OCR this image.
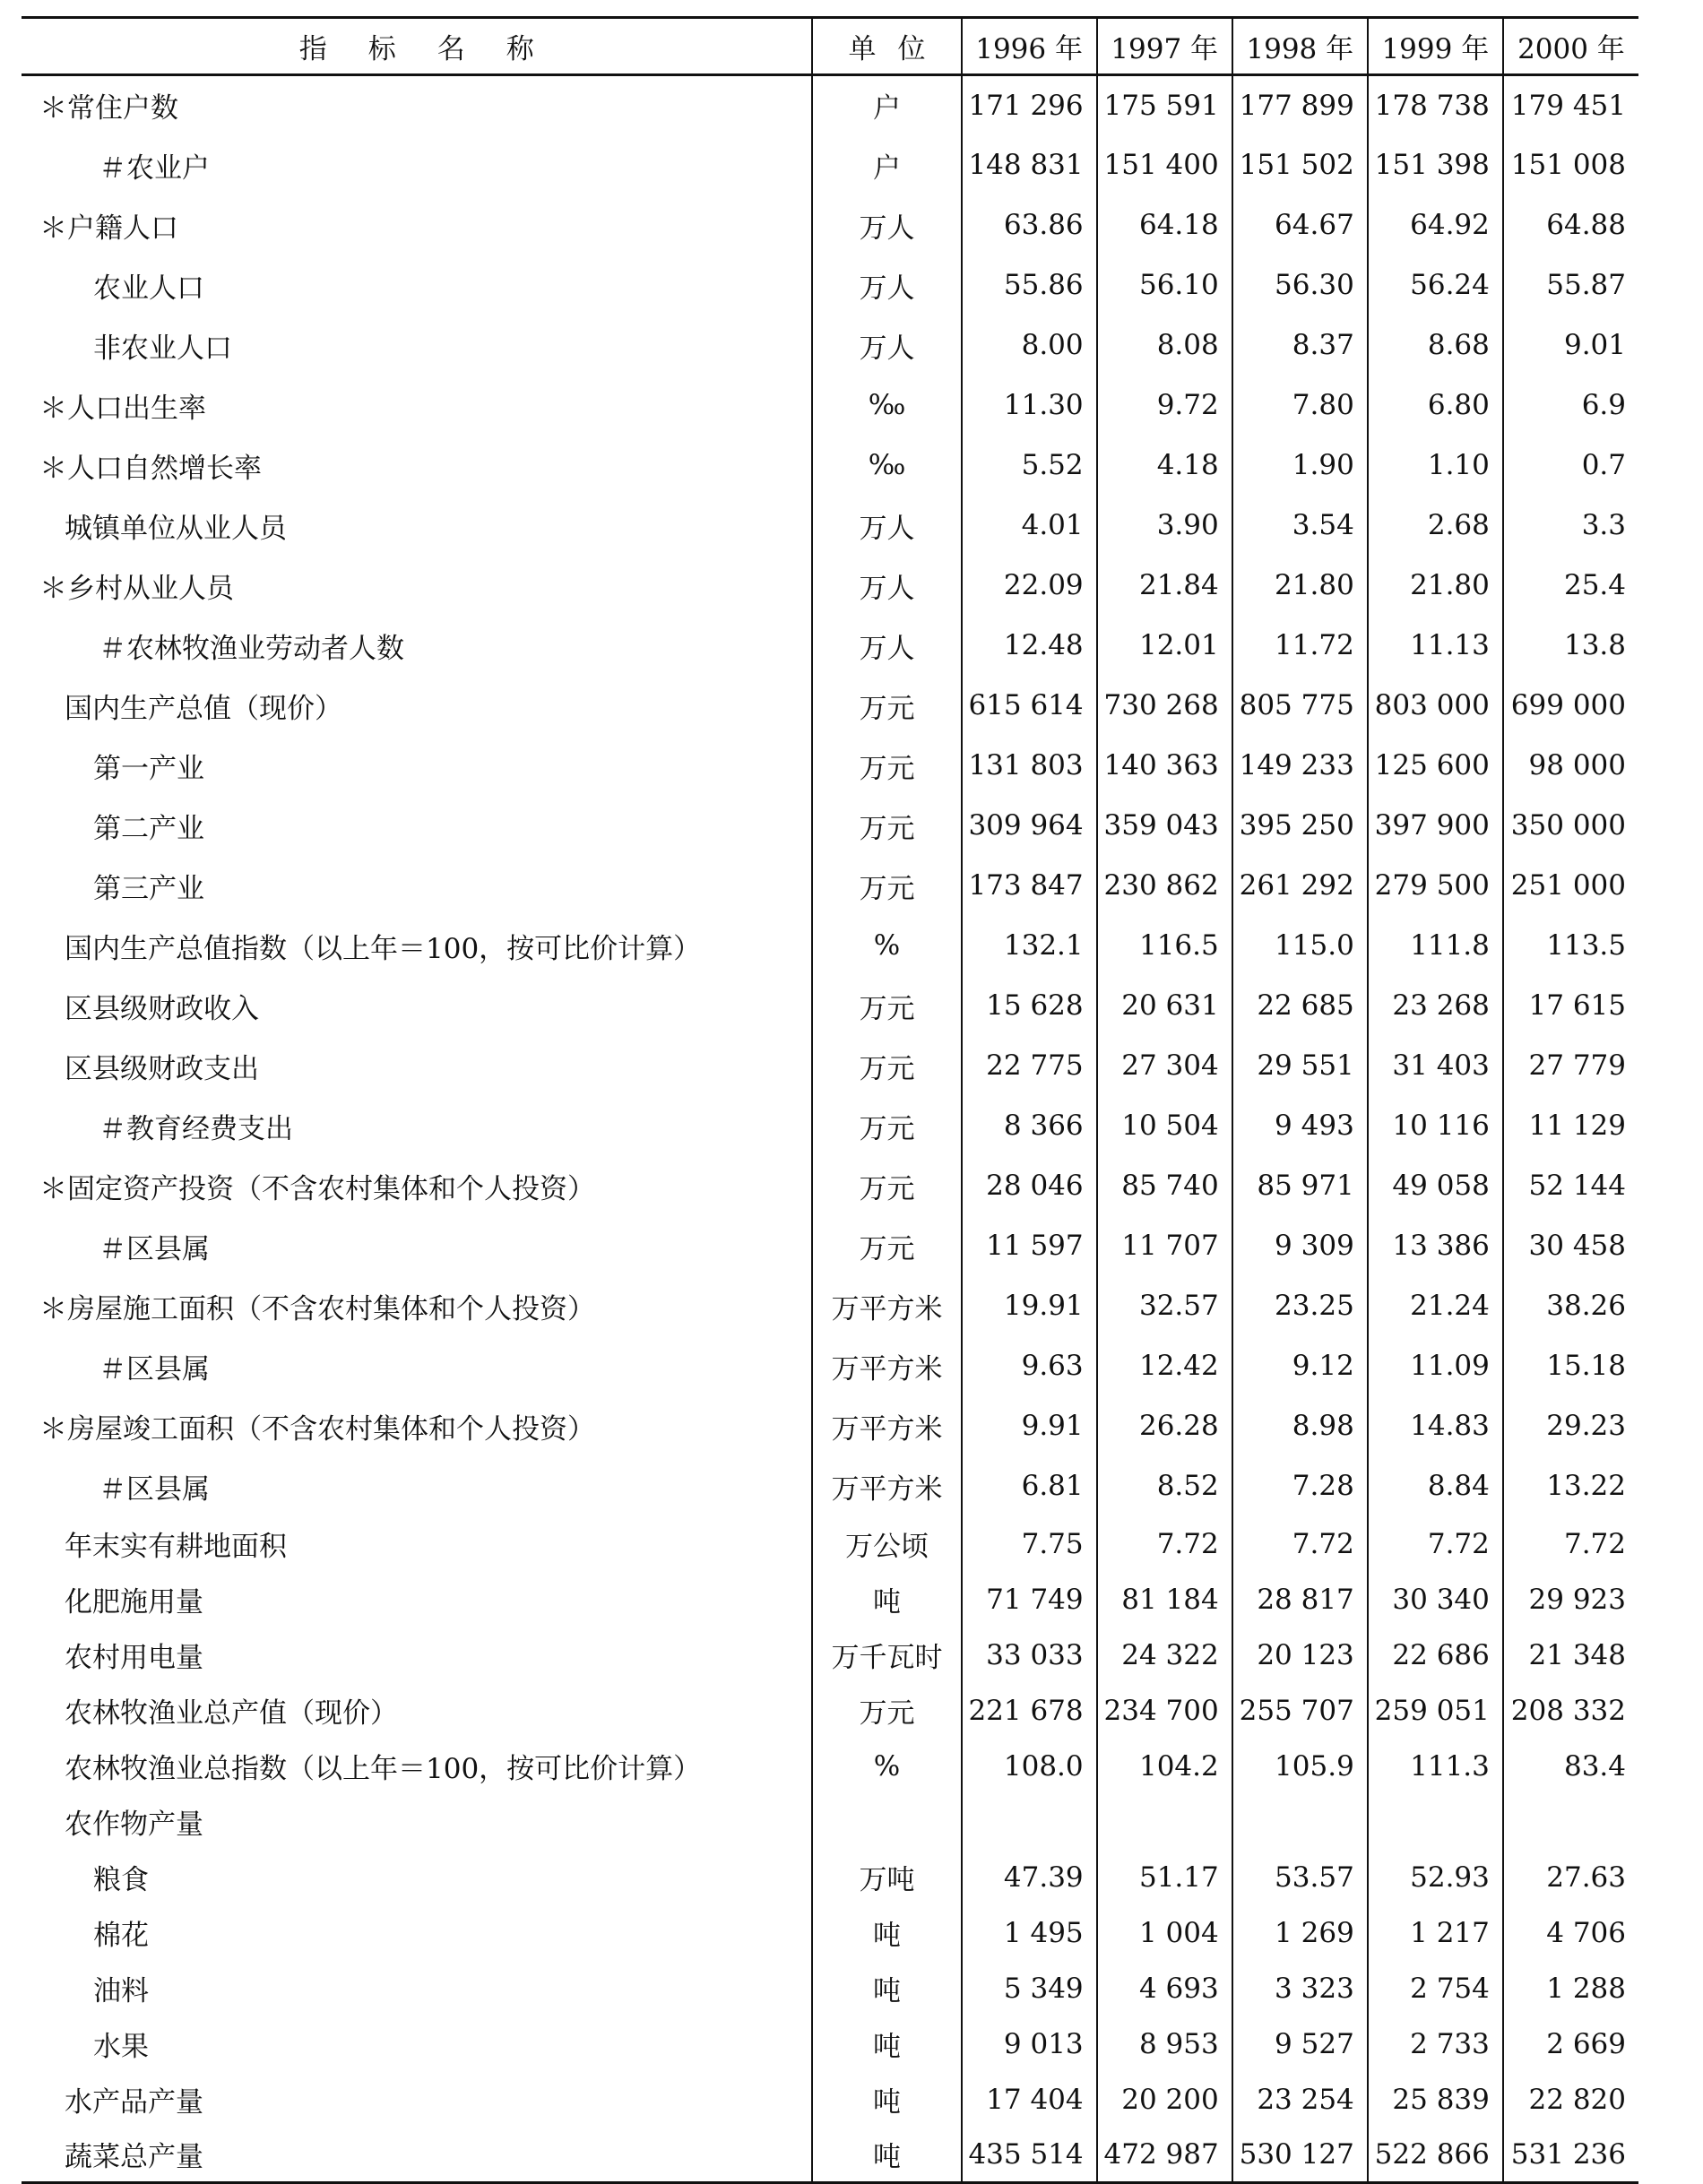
指标名称	单位	1996 年	1997 年	1998 年	1999 年	2000 年
＊常住户数	户	171 296	175 591	177 899	178 738	179 451
＃农业户	户	148 831	151 400	151 502	151 398	151 008
＊户籍人口	万人	63.86	64.18	64.67	64.92	64.88
农业人口	万人	55.86	56.10	56.30	56.24	55.87
非农业人口	万人	8.00	8.08	8.37	8.68	9.01
＊人口出生率	‰	11.30	9.72	7.80	6.80	6.9
＊人口自然增长率	‰	5.52	4.18	1.90	1.10	0.7
城镇单位从业人员	万人	4.01	3.90	3.54	2.68	3.3
＊乡村从业人员	万人	22.09	21.84	21.80	21.80	25.4
＃农林牧渔业劳动者人数	万人	12.48	12.01	11.72	11.13	13.8
国内生产总值（现价）	万元	615 614	730 268	805 775	803 000	699 000
第一产业	万元	131 803	140 363	149 233	125 600	98 000
第二产业	万元	309 964	359 043	395 250	397 900	350 000
第三产业	万元	173 847	230 862	261 292	279 500	251 000
国内生产总值指数（以上年＝100，按可比价计算）	%	132.1	116.5	115.0	111.8	113.5
区县级财政收入	万元	15 628	20 631	22 685	23 268	17 615
区县级财政支出	万元	22 775	27 304	29 551	31 403	27 779
＃教育经费支出	万元	8 366	10 504	9 493	10 116	11 129
＊固定资产投资（不含农村集体和个人投资）	万元	28 046	85 740	85 971	49 058	52 144
＃区县属	万元	11 597	11 707	9 309	13 386	30 458
＊房屋施工面积（不含农村集体和个人投资）	万平方米	19.91	32.57	23.25	21.24	38.26
＃区县属	万平方米	9.63	12.42	9.12	11.09	15.18
＊房屋竣工面积（不含农村集体和个人投资）	万平方米	9.91	26.28	8.98	14.83	29.23
＃区县属	万平方米	6.81	8.52	7.28	8.84	13.22
年末实有耕地面积	万公顷	7.75	7.72	7.72	7.72	7.72
化肥施用量	吨	71 749	81 184	28 817	30 340	29 923
农村用电量	万千瓦时	33 033	24 322	20 123	22 686	21 348
农林牧渔业总产值（现价）	万元	221 678	234 700	255 707	259 051	208 332
农林牧渔业总指数（以上年＝100，按可比价计算）	%	108.0	104.2	105.9	111.3	83.4
农作物产量						
粮食	万吨	47.39	51.17	53.57	52.93	27.63
棉花	吨	1 495	1 004	1 269	1 217	4 706
油料	吨	5 349	4 693	3 323	2 754	1 288
水果	吨	9 013	8 953	9 527	2 733	2 669
水产品产量	吨	17 404	20 200	23 254	25 839	22 820
蔬菜总产量	吨	435 514	472 987	530 127	522 866	531 236
